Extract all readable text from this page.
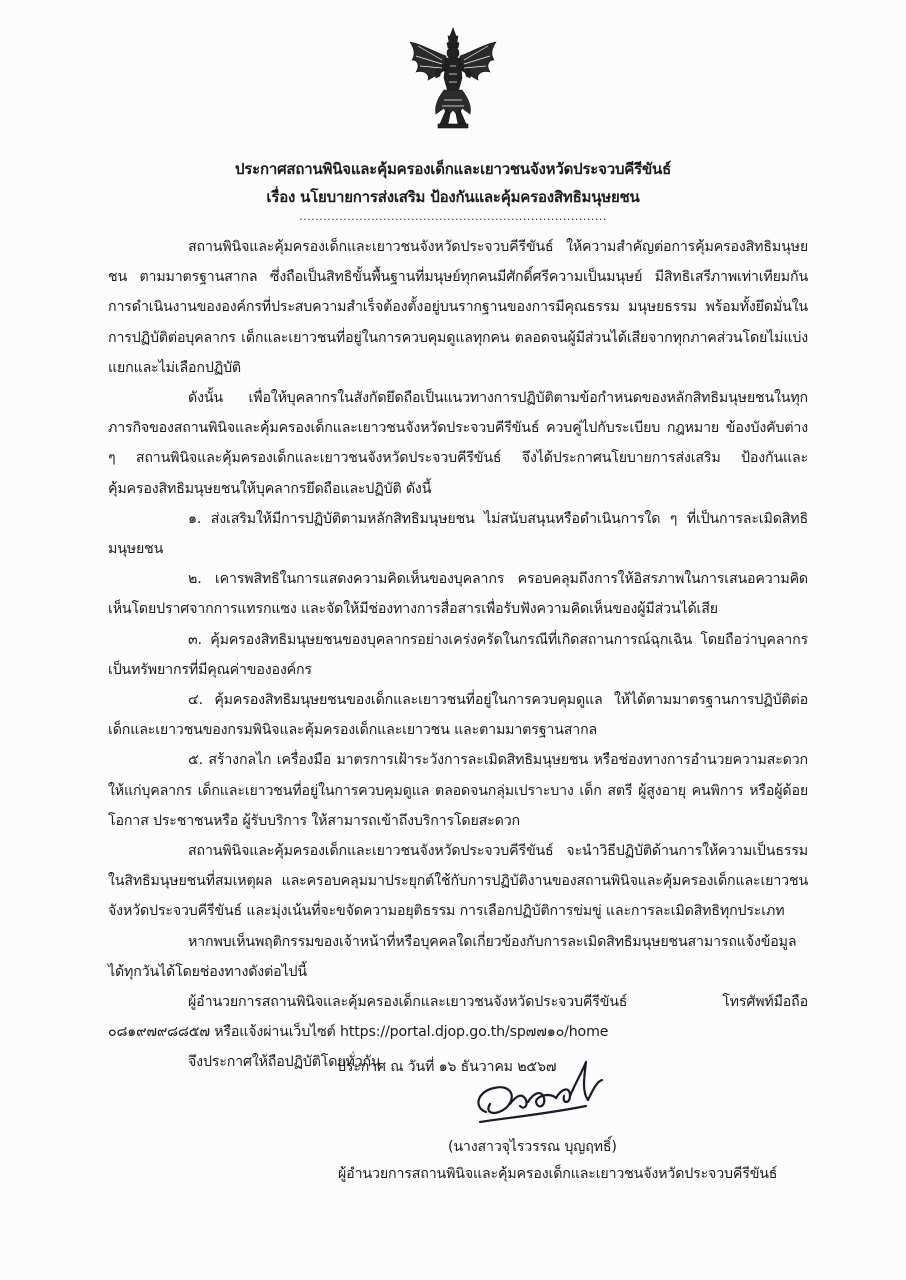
ประกาศสถานพินิจและคุ้มครองเด็กและเยาวชนจังหวัดประจวบคีรีขันธ์
เรื่อง นโยบายการส่งเสริม ป้องกันและคุ้มครองสิทธิมนุษยชน
.............................................................................

สถานพินิจและคุ้มครองเด็กและเยาวชนจังหวัดประจวบคีรีขันธ์ ให้ความสำคัญต่อการคุ้มครองสิทธิมนุษยชน ตามมาตรฐานสากล ซึ่งถือเป็นสิทธิขั้นพื้นฐานที่มนุษย์ทุกคนมีศักดิ์ศรีความเป็นมนุษย์ มีสิทธิเสรีภาพเท่าเทียมกัน การดำเนินงานขององค์กรที่ประสบความสำเร็จต้องตั้งอยู่บนรากฐานของการมีคุณธรรม มนุษยธรรม พร้อมทั้งยึดมั่นในการปฏิบัติต่อบุคลากร เด็กและเยาวชนที่อยู่ในการควบคุมดูแลทุกคน ตลอดจนผู้มีส่วนได้เสียจากทุกภาคส่วนโดยไม่แบ่งแยกและไม่เลือกปฏิบัติ

ดังนั้น เพื่อให้บุคลากรในสังกัดยึดถือเป็นแนวทางการปฏิบัติตามข้อกำหนดของหลักสิทธิมนุษยชนในทุกภารกิจของสถานพินิจและคุ้มครองเด็กและเยาวชนจังหวัดประจวบคีรีขันธ์ ควบคู่ไปกับระเบียบ กฎหมาย ข้องบังคับต่าง ๆ สถานพินิจและคุ้มครองเด็กและเยาวชนจังหวัดประจวบคีรีขันธ์ จึงได้ประกาศนโยบายการส่งเสริม ป้องกันและคุ้มครองสิทธิมนุษยชนให้บุคลากรยึดถือและปฏิบัติ ดังนี้

๑. ส่งเสริมให้มีการปฏิบัติตามหลักสิทธิมนุษยชน ไม่สนับสนุนหรือดำเนินการใด ๆ ที่เป็นการละเมิดสิทธิมนุษยชน

๒. เคารพสิทธิในการแสดงความคิดเห็นของบุคลากร ครอบคลุมถึงการให้อิสรภาพในการเสนอความคิดเห็นโดยปราศจากการแทรกแซง และจัดให้มีช่องทางการสื่อสารเพื่อรับฟังความคิดเห็นของผู้มีส่วนได้เสีย

๓. คุ้มครองสิทธิมนุษยชนของบุคลากรอย่างเคร่งครัดในกรณีที่เกิดสถานการณ์ฉุกเฉิน โดยถือว่าบุคลากรเป็นทรัพยากรที่มีคุณค่าขององค์กร

๔. คุ้มครองสิทธิมนุษยชนของเด็กและเยาวชนที่อยู่ในการควบคุมดูแล ให้ได้ตามมาตรฐานการปฏิบัติต่อเด็กและเยาวชนของกรมพินิจและคุ้มครองเด็กและเยาวชน และตามมาตรฐานสากล

๕. สร้างกลไก เครื่องมือ มาตรการเฝ้าระวังการละเมิดสิทธิมนุษยชน หรือช่องทางการอำนวยความสะดวกให้แก่บุคลากร เด็กและเยาวชนที่อยู่ในการควบคุมดูแล ตลอดจนกลุ่มเปราะบาง เด็ก สตรี ผู้สูงอายุ คนพิการ หรือผู้ด้อยโอกาส ประชาชนหรือ ผู้รับบริการ ให้สามารถเข้าถึงบริการโดยสะดวก

สถานพินิจและคุ้มครองเด็กและเยาวชนจังหวัดประจวบคีรีขันธ์ จะนำวิธีปฏิบัติด้านการให้ความเป็นธรรมในสิทธิมนุษยชนที่สมเหตุผล และครอบคลุมมาประยุกต์ใช้กับการปฏิบัติงานของสถานพินิจและคุ้มครองเด็กและเยาวชนจังหวัดประจวบคีรีขันธ์ และมุ่งเน้นที่จะขจัดความอยุติธรรม การเลือกปฏิบัติการข่มขู่ และการละเมิดสิทธิทุกประเภท

หากพบเห็นพฤติกรรมของเจ้าหน้าที่หรือบุคคลใดเกี่ยวข้องกับการละเมิดสิทธิมนุษยชนสามารถแจ้งข้อมูลได้ทุกวันได้โดยช่องทางดังต่อไปนี้

ผู้อำนวยการสถานพินิจและคุ้มครองเด็กและเยาวชนจังหวัดประจวบคีรีขันธ์ โทรศัพท์มือถือ ๐๘๑๙๗๙๘๘๕๗ หรือแจ้งผ่านเว็บไซต์ https://portal.djop.go.th/sp๗๗๑๐/home

จึงประกาศให้ถือปฏิบัติโดยทั่วกัน

ประกาศ ณ วันที่ ๑๖ ธันวาคม ๒๕๖๗
(นางสาวจุไรวรรณ บุญฤทธิ์)
ผู้อำนวยการสถานพินิจและคุ้มครองเด็กและเยาวชนจังหวัดประจวบคีรีขันธ์
